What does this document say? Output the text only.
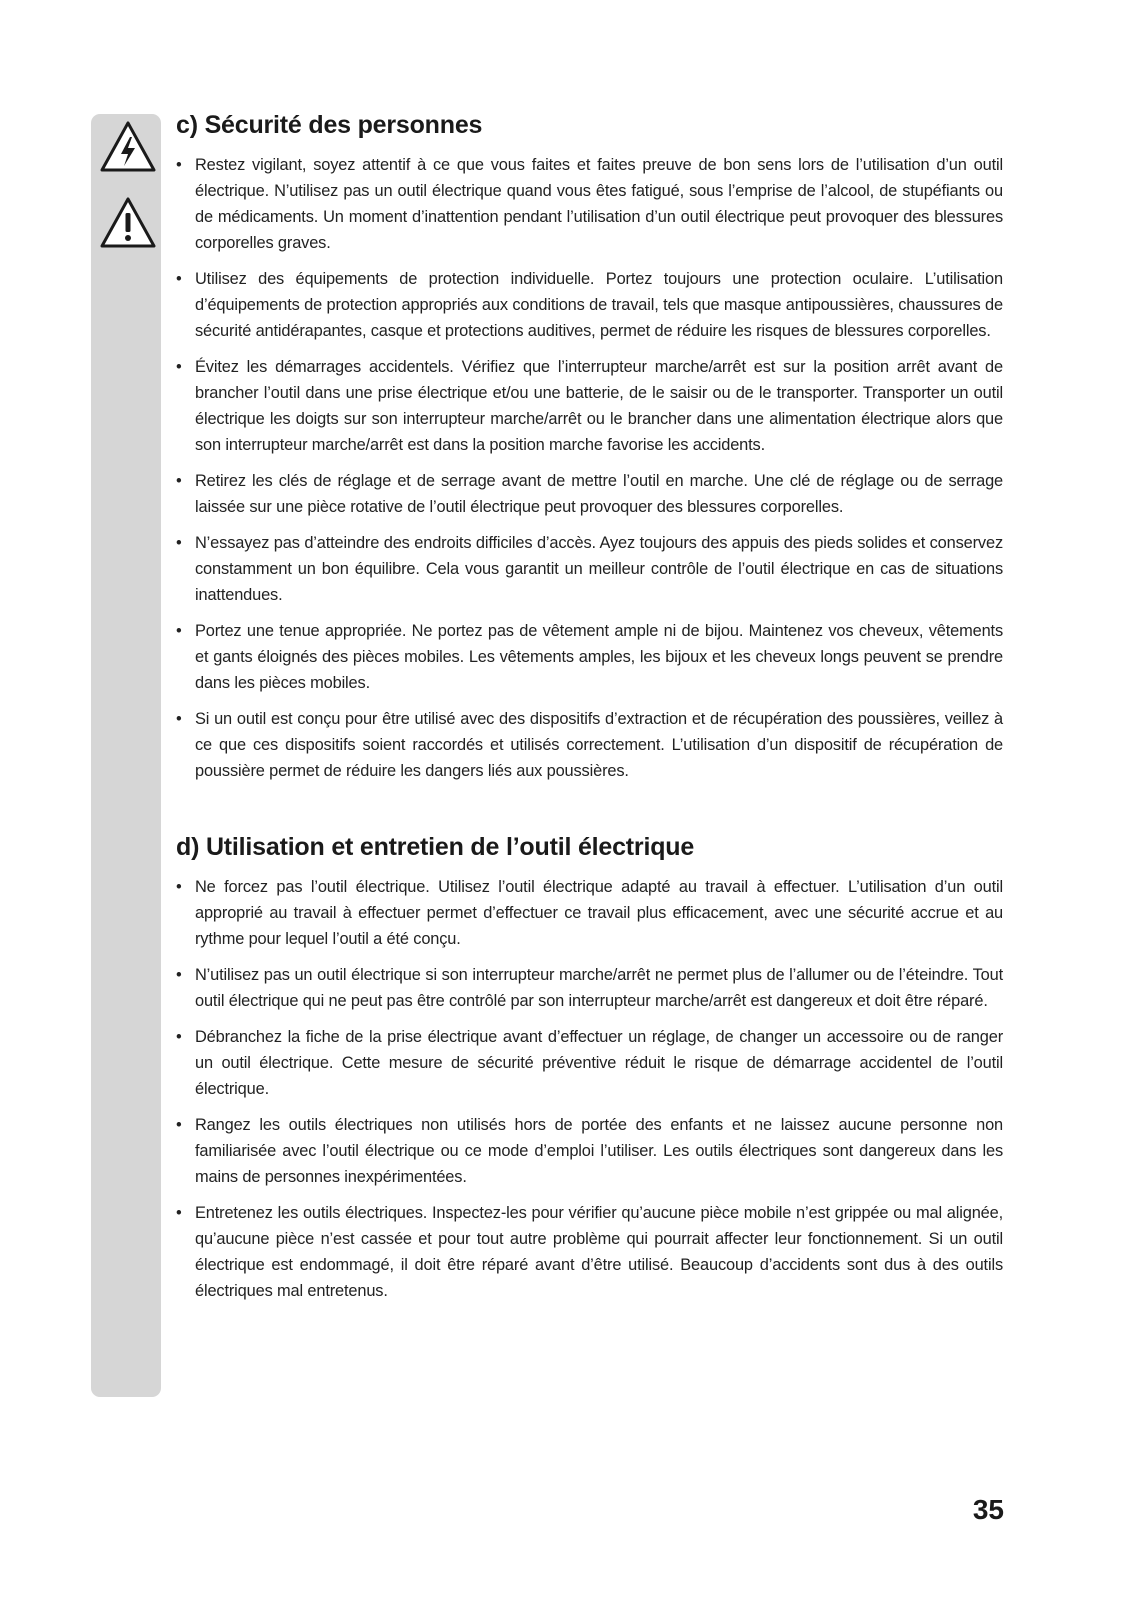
c) Sécurité des personnes
• Restez vigilant, soyez attentif à ce que vous faites et faites preuve de bon sens lors de l’utilisation d’un outil électrique. N’utilisez pas un outil électrique quand vous êtes fatigué, sous l’emprise de l’alcool, de stupéfiants ou de médicaments. Un moment d’inattention pendant l’utilisation d’un outil électrique peut provoquer des blessures corporelles graves.
• Utilisez des équipements de protection individuelle. Portez toujours une protection oculaire. L’utilisation d’équipements de protection appropriés aux conditions de travail, tels que masque antipoussières, chaussures de sécurité antidérapantes, casque et protections auditives, permet de réduire les risques de blessures corporelles.
• Évitez les démarrages accidentels. Vérifiez que l’interrupteur marche/arrêt est sur la position arrêt avant de brancher l’outil dans une prise électrique et/ou une batterie, de le saisir ou de le transporter. Transporter un outil électrique les doigts sur son interrupteur marche/arrêt ou le brancher dans une alimentation électrique alors que son interrupteur marche/arrêt est dans la position marche favorise les accidents.
• Retirez les clés de réglage et de serrage avant de mettre l’outil en marche. Une clé de réglage ou de serrage laissée sur une pièce rotative de l’outil électrique peut provoquer des blessures corporelles.
• N’essayez pas d’atteindre des endroits difficiles d’accès. Ayez toujours des appuis des pieds solides et conservez constamment un bon équilibre. Cela vous garantit un meilleur contrôle de l’outil électrique en cas de situations inattendues.
• Portez une tenue appropriée. Ne portez pas de vêtement ample ni de bijou. Maintenez vos cheveux, vêtements et gants éloignés des pièces mobiles. Les vêtements amples, les bijoux et les cheveux longs peuvent se prendre dans les pièces mobiles.
• Si un outil est conçu pour être utilisé avec des dispositifs d’extraction et de récupération des poussières, veillez à ce que ces dispositifs soient raccordés et utilisés correctement. L’utilisation d’un dispositif de récupération de poussière permet de réduire les dangers liés aux poussières.
d) Utilisation et entretien de l’outil électrique
• Ne forcez pas l’outil électrique. Utilisez l’outil électrique adapté au travail à effectuer. L’utilisation d’un outil approprié au travail à effectuer permet d’effectuer ce travail plus efficacement, avec une sécurité accrue et au rythme pour lequel l’outil a été conçu.
• N’utilisez pas un outil électrique si son interrupteur marche/arrêt ne permet plus de l’allumer ou de l’éteindre. Tout outil électrique qui ne peut pas être contrôlé par son interrupteur marche/arrêt est dangereux et doit être réparé.
• Débranchez la fiche de la prise électrique avant d’effectuer un réglage, de changer un accessoire ou de ranger un outil électrique. Cette mesure de sécurité préventive réduit le risque de démarrage accidentel de l’outil électrique.
• Rangez les outils électriques non utilisés hors de portée des enfants et ne laissez aucune personne non familiarisée avec l’outil électrique ou ce mode d’emploi l’utiliser. Les outils électriques sont dangereux dans les mains de personnes inexpérimentées.
• Entretenez les outils électriques. Inspectez-les pour vérifier qu’aucune pièce mobile n’est grippée ou mal alignée, qu’aucune pièce n’est cassée et pour tout autre problème qui pourrait affecter leur fonctionnement. Si un outil électrique est endommagé, il doit être réparé avant d’être utilisé. Beaucoup d’accidents sont dus à des outils électriques mal entretenus.
35
